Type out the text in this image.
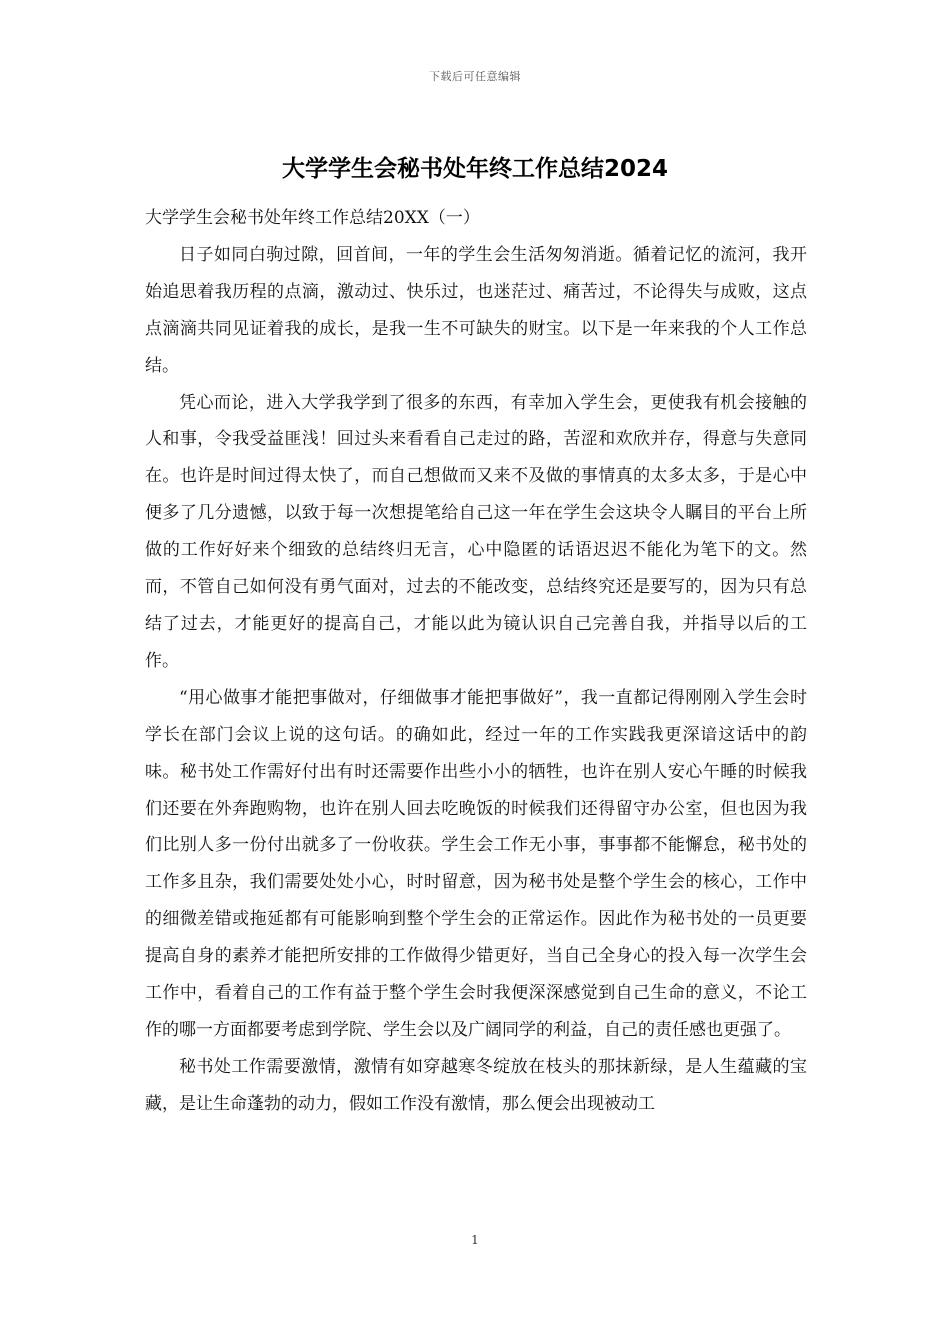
下载后可任意编辑
大学学生会秘书处年终工作总结2024

大学学生会秘书处年终工作总结20XX（一）

日子如同白驹过隙，回首间，一年的学生会生活匆匆消逝。循着记忆的流河，我开始追思着我历程的点滴，激动过、快乐过，也迷茫过、痛苦过，不论得失与成败，这点点滴滴共同见证着我的成长，是我一生不可缺失的财宝。以下是一年来我的个人工作总结。

凭心而论，进入大学我学到了很多的东西，有幸加入学生会，更使我有机会接触的人和事，令我受益匪浅！回过头来看看自己走过的路，苦涩和欢欣并存，得意与失意同在。也许是时间过得太快了，而自己想做而又来不及做的事情真的太多太多，于是心中便多了几分遗憾，以致于每一次想提笔给自己这一年在学生会这块令人瞩目的平台上所做的工作好好来个细致的总结终归无言，心中隐匿的话语迟迟不能化为笔下的文。然而，不管自己如何没有勇气面对，过去的不能改变，总结终究还是要写的，因为只有总结了过去，才能更好的提高自己，才能以此为镜认识自己完善自我，并指导以后的工作。

“用心做事才能把事做对，仔细做事才能把事做好”，我一直都记得刚刚入学生会时学长在部门会议上说的这句话。的确如此，经过一年的工作实践我更深谙这话中的韵味。秘书处工作需好付出有时还需要作出些小小的牺牲，也许在别人安心午睡的时候我们还要在外奔跑购物，也许在别人回去吃晚饭的时候我们还得留守办公室，但也因为我们比别人多一份付出就多了一份收获。学生会工作无小事，事事都不能懈怠，秘书处的工作多且杂，我们需要处处小心，时时留意，因为秘书处是整个学生会的核心，工作中的细微差错或拖延都有可能影响到整个学生会的正常运作。因此作为秘书处的一员更要提高自身的素养才能把所安排的工作做得少错更好，当自己全身心的投入每一次学生会工作中，看着自己的工作有益于整个学生会时我便深深感觉到自己生命的意义，不论工作的哪一方面都要考虑到学院、学生会以及广阔同学的利益，自己的责任感也更强了。

秘书处工作需要激情，激情有如穿越寒冬绽放在枝头的那抹新绿，是人生蕴藏的宝藏，是让生命蓬勃的动力，假如工作没有激情，那么便会出现被动工

1
